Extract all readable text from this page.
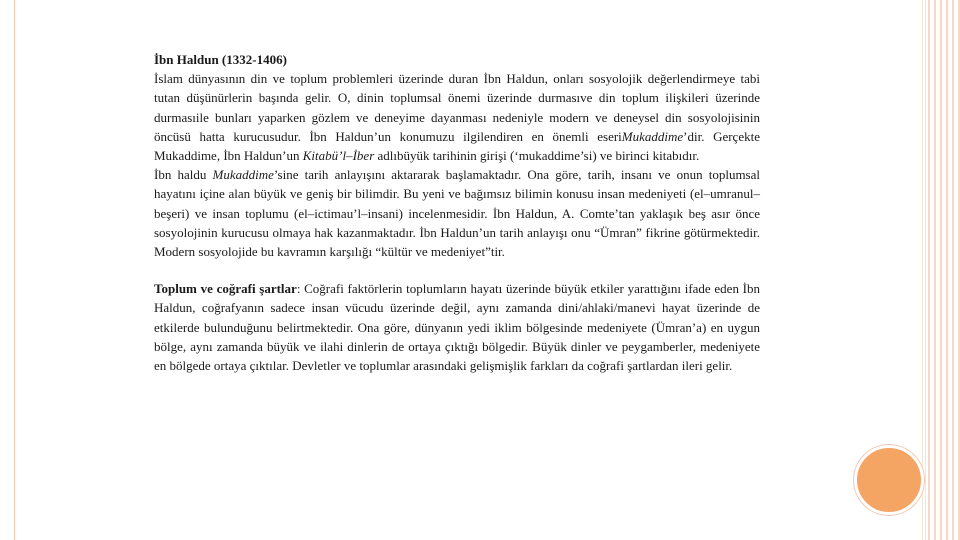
İbn Haldun (1332-1406)

İslam dünyasının din ve toplum problemleri üzerinde duran İbn Haldun, onları sosyolojik değerlendirmeye tabi tutan düşünürlerin başında gelir. O, dinin toplumsal önemi üzerinde durmasıve din toplum ilişkileri üzerinde durmasıile bunları yaparken gözlem ve deneyime dayanması nedeniyle modern ve deneysel din sosyolojisinin öncüsü hatta kurucusudur. İbn Haldun’un konumuzu ilgilendiren en önemli eseriMukaddime’dir. Gerçekte Mukaddime, İbn Haldun’un Kitabü’l–İber adlıbüyük tarihinin girişi (‘mukaddime’si) ve birinci kitabıdır.

İbn haldu Mukaddime’sine tarih anlayışını aktararak başlamaktadır. Ona göre, tarih, insanı ve onun toplumsal hayatını içine alan büyük ve geniş bir bilimdir. Bu yeni ve bağımsız bilimin konusu insan medeniyeti (el–umranul–beşeri) ve insan toplumu (el–ictimau’l–insani) incelenmesidir. İbn Haldun, A. Comte’tan yaklaşık beş asır önce sosyolojinin kurucusu olmaya hak kazanmaktadır. İbn Haldun’un tarih anlayışı onu “Ümran” fikrine götürmektedir. Modern sosyolojide bu kavramın karşılığı “kültür ve medeniyet”tir.

Toplum ve coğrafi şartlar: Coğrafi faktörlerin toplumların hayatı üzerinde büyük etkiler yarattığını ifade eden İbn Haldun, coğrafyanın sadece insan vücudu üzerinde değil, aynı zamanda dini/ahlaki/manevi hayat üzerinde de etkilerde bulunduğunu belirtmektedir. Ona göre, dünyanın yedi iklim bölgesinde medeniyete (Ümran’a) en uygun bölge, aynı zamanda büyük ve ilahi dinlerin de ortaya çıktığı bölgedir. Büyük dinler ve peygamberler, medeniyete en bölgede ortaya çıktılar. Devletler ve toplumlar arasındaki gelişmişlik farkları da coğrafi şartlardan ileri gelir.
